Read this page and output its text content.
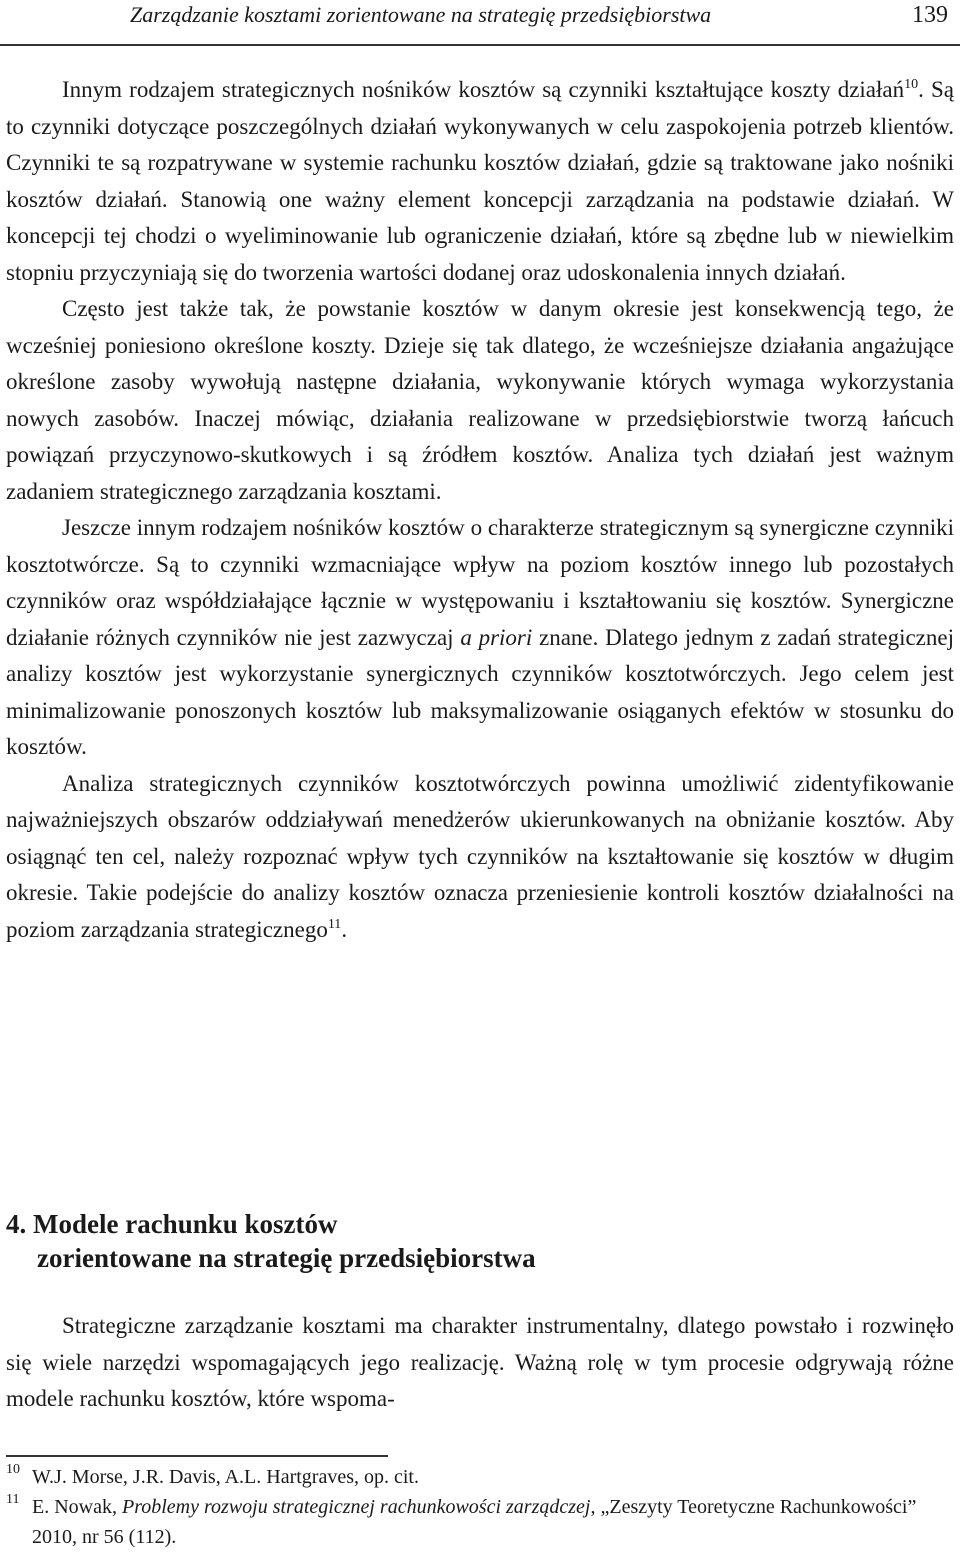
Zarządzanie kosztami zorientowane na strategię przedsiębiorstwa	139

Innym rodzajem strategicznych nośników kosztów są czynniki kształtujące koszty działań$^{10}$. Są to czynniki dotyczące poszczególnych działań wykonywanych w celu zaspokojenia potrzeb klientów. Czynniki te są rozpatrywane w systemie rachunku kosztów działań, gdzie są traktowane jako nośniki kosztów działań. Stanowią one ważny element koncepcji zarządzania na podstawie działań. W koncepcji tej chodzi o wyeliminowanie lub ograniczenie działań, które są zbędne lub w niewielkim stopniu przyczyniają się do tworzenia wartości dodanej oraz udoskonalenia innych działań.

Często jest także tak, że powstanie kosztów w danym okresie jest konsekwencją tego, że wcześniej poniesiono określone koszty. Dzieje się tak dlatego, że wcześniejsze działania angażujące określone zasoby wywołują następne działania, wykonywanie których wymaga wykorzystania nowych zasobów. Inaczej mówiąc, działania realizowane w przedsiębiorstwie tworzą łańcuch powiązań przyczynowo-skutkowych i są źródłem kosztów. Analiza tych działań jest ważnym zadaniem strategicznego zarządzania kosztami.

Jeszcze innym rodzajem nośników kosztów o charakterze strategicznym są synergiczne czynniki kosztotwórcze. Są to czynniki wzmacniające wpływ na poziom kosztów innego lub pozostałych czynników oraz współdziałające łącznie w występowaniu i kształtowaniu się kosztów. Synergiczne działanie różnych czynników nie jest zazwyczaj a priori znane. Dlatego jednym z zadań strategicznej analizy kosztów jest wykorzystanie synergicznych czynników kosztotwórczych. Jego celem jest minimalizowanie ponoszonych kosztów lub maksymalizowanie osiąganych efektów w stosunku do kosztów.

Analiza strategicznych czynników kosztotwórczych powinna umożliwić zidentyfikowanie najważniejszych obszarów oddziaływań menedżerów ukierunkowanych na obniżanie kosztów. Aby osiągnąć ten cel, należy rozpoznać wpływ tych czynników na kształtowanie się kosztów w długim okresie. Takie podejście do analizy kosztów oznacza przeniesienie kontroli kosztów działalności na poziom zarządzania strategicznego$^{11}$.

4. Modele rachunku kosztów
zorientowane na strategię przedsiębiorstwa

Strategiczne zarządzanie kosztami ma charakter instrumentalny, dlatego powstało i rozwinęło się wiele narzędzi wspomagających jego realizację. Ważną rolę w tym procesie odgrywają różne modele rachunku kosztów, które wspoma-

10 W.J. Morse, J.R. Davis, A.L. Hartgraves, op. cit.
11 E. Nowak, Problemy rozwoju strategicznej rachunkowości zarządczej, „Zeszyty Teoretyczne Rachunkowości” 2010, nr 56 (112).
